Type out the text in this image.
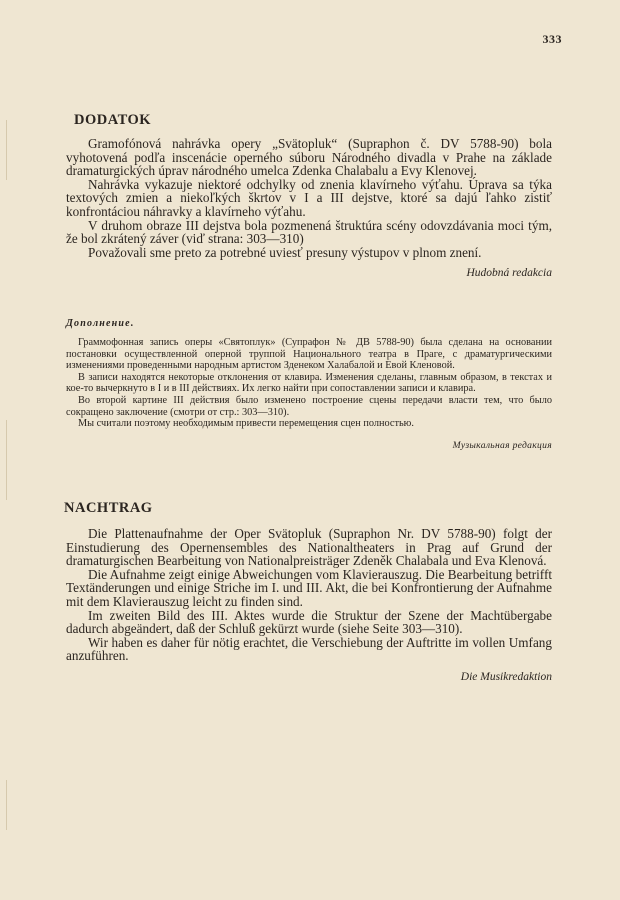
333
DODATOK

Gramofónová nahrávka opery „Svätopluk“ (Supraphon č. DV 5788-90) bola vyhotovená podľa inscenácie operného súboru Národného divadla v Prahe na základe dramaturgických úprav národného umelca Zdenka Chalabalu a Evy Klenovej.

Nahrávka vykazuje niektoré odchylky od znenia klavírneho výťahu. Úprava sa týka textových zmien a niekoľkých škrtov v I a III dejstve, ktoré sa dajú ľahko zistiť konfrontáciou náhravky a klavírneho výťahu.

V druhom obraze III dejstva bola pozmenená štruktúra scény odovzdávania moci tým, že bol zkrátený záver (viď strana: 303—310)

Považovali sme preto za potrebné uviesť presuny výstupov v plnom znení.

Hudobná redakcia
Дополнение.

Граммофонная запись оперы «Святоплук» (Супрафон № ДВ 5788-90) была сделана на основании постановки осуществленной оперной труппой Национального театра в Праге, с драматургическими изменениями проведенными народным артистом Здeнеком Халабалой и Евой Кленовой.

В записи находятся некоторые отклонения от клавира. Изменения сделаны, главным образом, в текстах и кое-то вычеркнуто в I и в III действиях. Их легко найти при сопоставлении записи и клавира.

Во второй картине III действия было изменено построение сцены передачи власти тем, что было сокращено заключение (смотри от стр.: 303—310).

Мы считали поэтому необходимым привести перемещения сцен полностью.

Музыкальная редакция
NACHTRAG

Die Plattenaufnahme der Oper Svätopluk (Supraphon Nr. DV 5788-90) folgt der Einstudierung des Opernensembles des Nationaltheaters in Prag auf Grund der dramaturgischen Bearbeitung von Nationalpreisträger Zdeněk Chalabala und Eva Klenová.

Die Aufnahme zeigt einige Abweichungen vom Klavierauszug. Die Bearbeitung betrifft Textänderungen und einige Striche im I. und III. Akt, die bei Konfrontierung der Aufnahme mit dem Klavierauszug leicht zu finden sind.

Im zweiten Bild des III. Aktes wurde die Struktur der Szene der Machtübergabe dadurch abgeändert, daß der Schluß gekürzt wurde (siehe Seite 303—310).

Wir haben es daher für nötig erachtet, die Verschiebung der Auftritte im vollen Umfang anzuführen.

Die Musikredaktion
